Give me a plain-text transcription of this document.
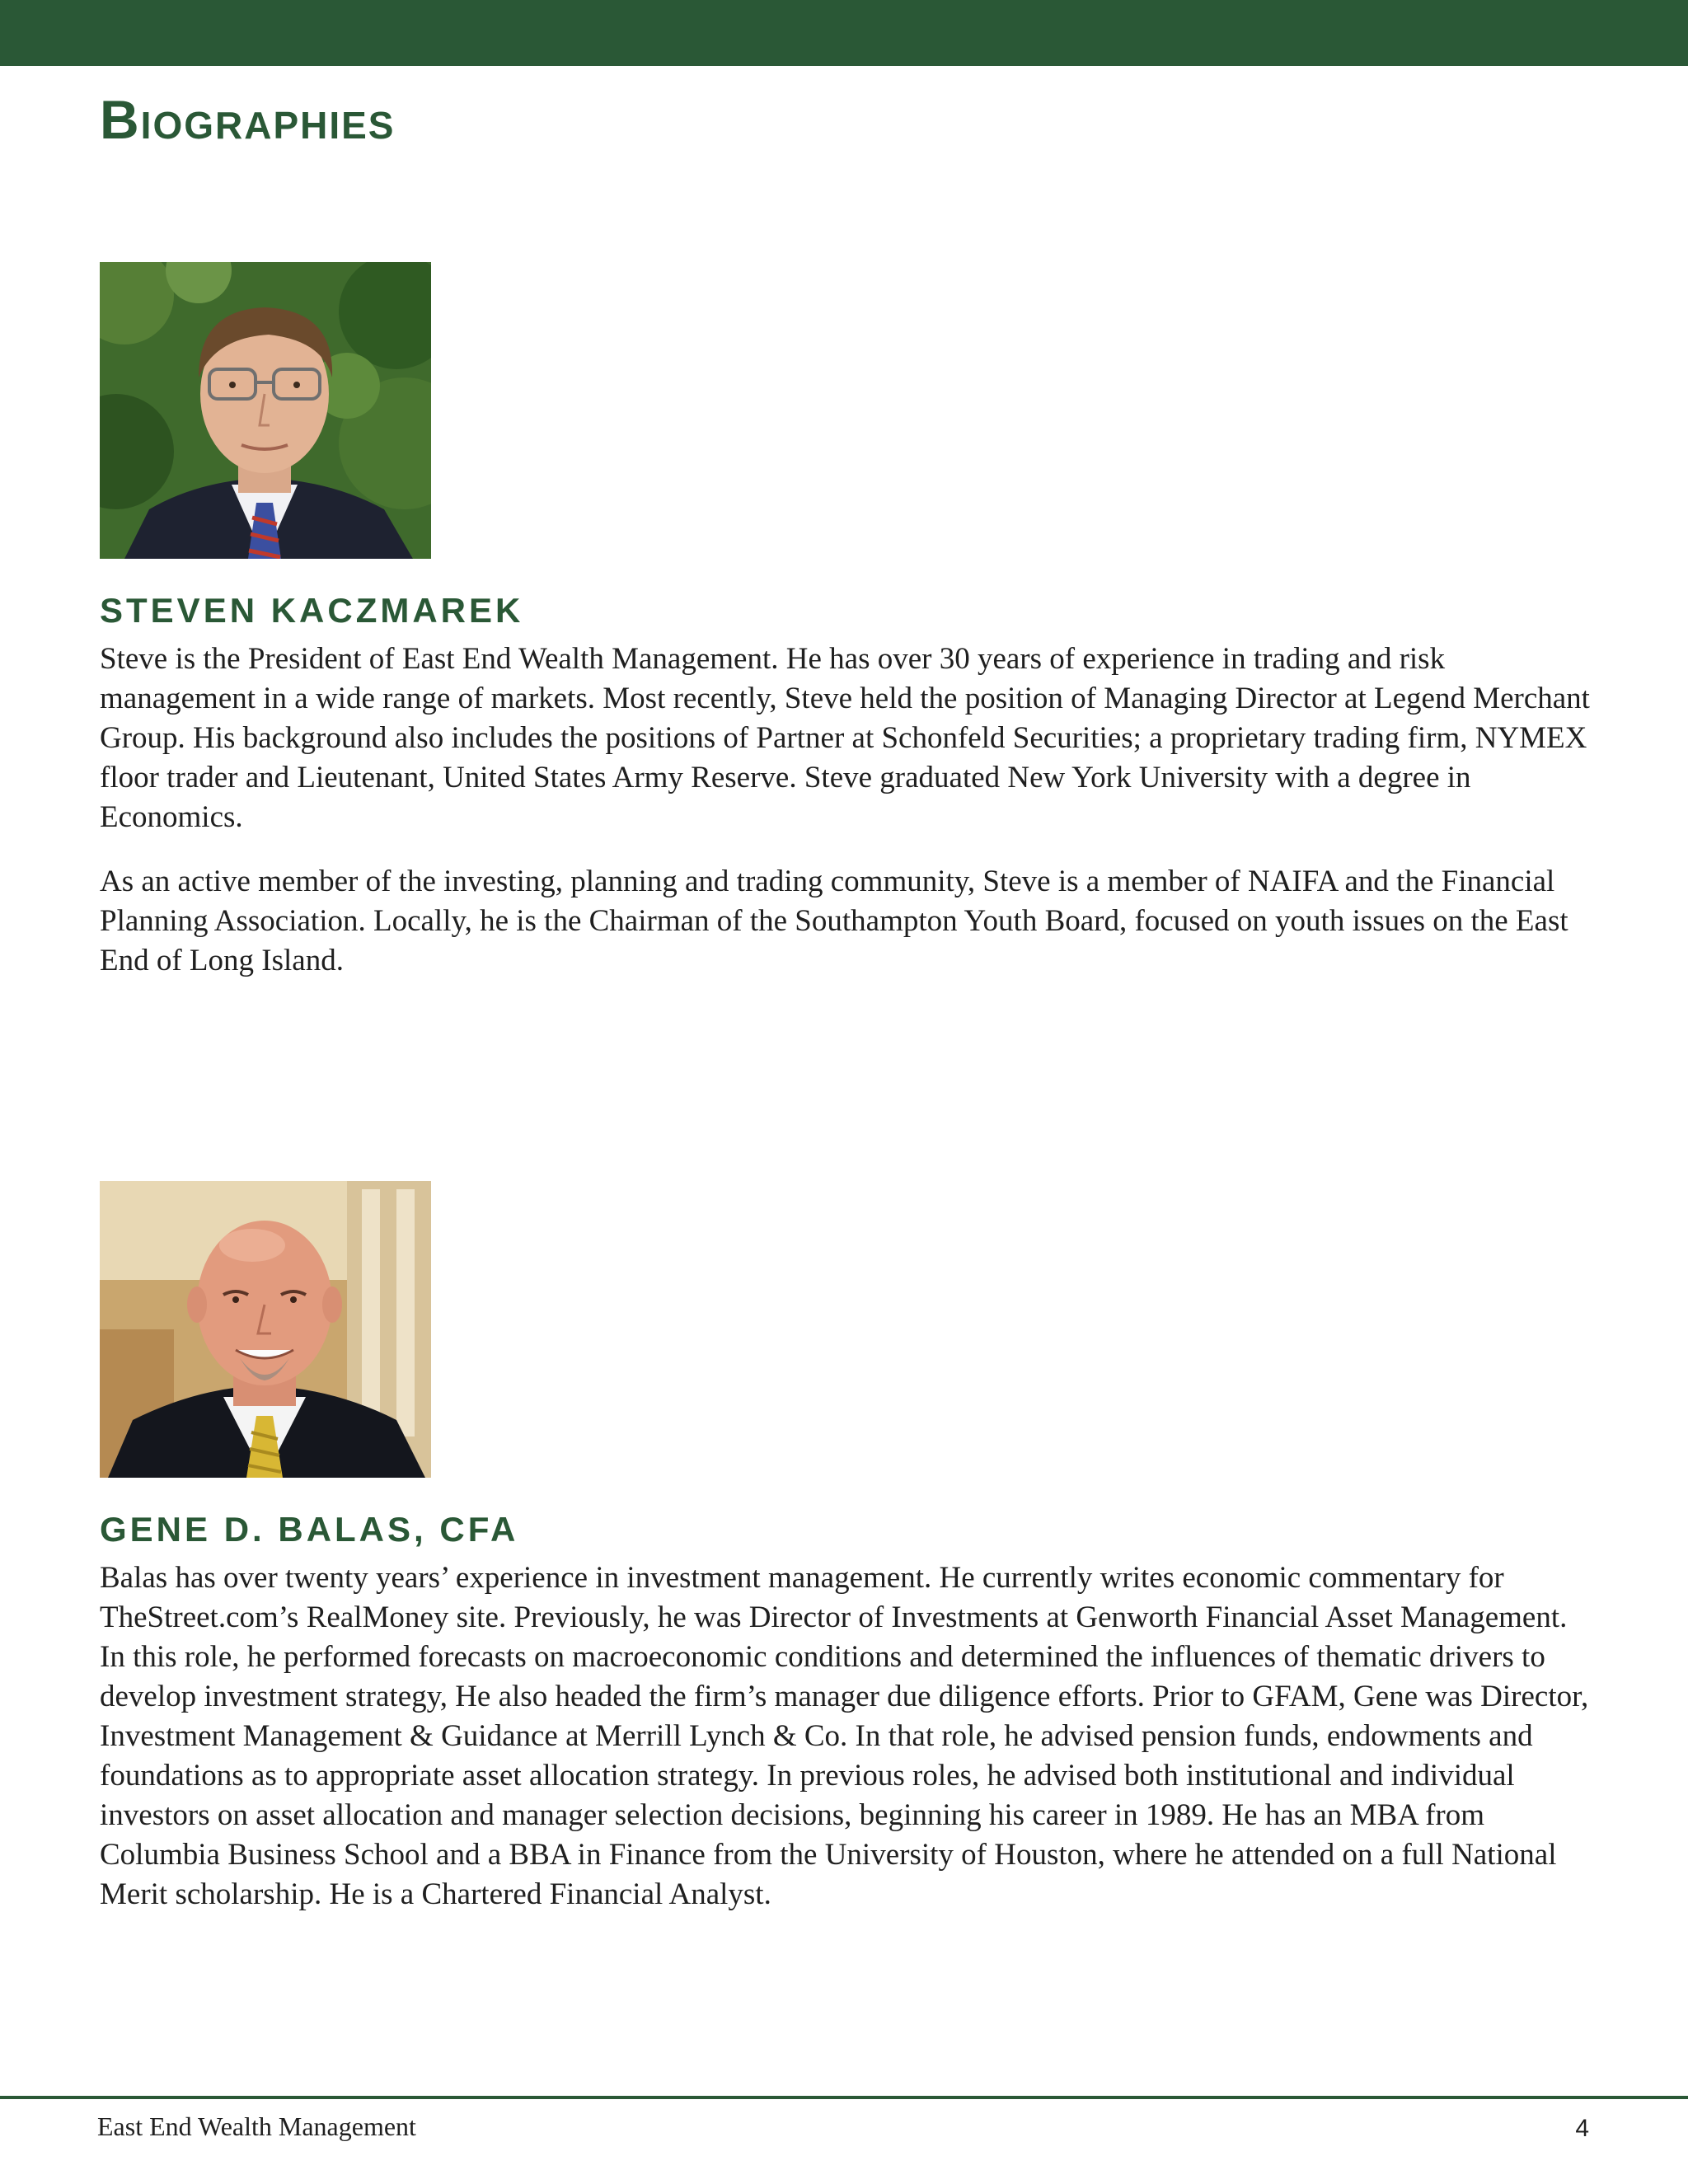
Biographies
STEVEN KACZMAREK

Steve is the President of East End Wealth Management. He has over 30 years of experience in trading and risk management in a wide range of markets. Most recently, Steve held the position of Managing Director at Legend Merchant Group. His background also includes the positions of Partner at Schonfeld Securities; a proprietary trading firm, NYMEX floor trader and Lieutenant, United States Army Reserve. Steve graduated New York University with a degree in Economics.

As an active member of the investing, planning and trading community, Steve is a member of NAIFA and the Financial Planning Association. Locally, he is the Chairman of the Southampton Youth Board, focused on youth issues on the East End of Long Island.

GENE D. BALAS, CFA

Balas has over twenty years’ experience in investment management. He currently writes economic commentary for TheStreet.com’s RealMoney site. Previously, he was Director of Investments at Genworth Financial Asset Management. In this role, he performed forecasts on macroeconomic conditions and determined the influences of thematic drivers to develop investment strategy, He also headed the firm’s manager due diligence efforts. Prior to GFAM, Gene was Director, Investment Management & Guidance at Merrill Lynch & Co. In that role, he advised pension funds, endowments and foundations as to appropriate asset allocation strategy. In previous roles, he advised both institutional and individual investors on asset allocation and manager selection decisions, beginning his career in 1989. He has an MBA from Columbia Business School and a BBA in Finance from the University of Houston, where he attended on a full National Merit scholarship. He is a Chartered Financial Analyst.

East End Wealth Management	4
